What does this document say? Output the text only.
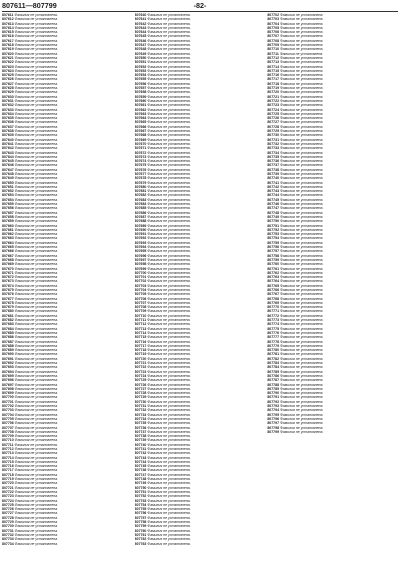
807611—807799	-82-

807611 Фамилия не установлена.

807612 Фамилия не установлена.

807613 Фамилия не установлена.

807614 Фамилия не установлена.

807615 Фамилия не установлена.

807616 Фамилия не установлена.

807617 Фамилия не установлена.

807618 Фамилия не установлена.

807619 Фамилия не установлена.

807620 Фамилия не установлена.

807621 Фамилия не установлена.

807622 Фамилия не установлена.

807623 Фамилия не установлена.

807624 Фамилия не установлена.

807625 Фамилия не установлена.

807626 Фамилия не установлена.

807627 Фамилия не установлена.

807628 Фамилия не установлена.

807629 Фамилия не установлена.

807630 Фамилия не установлена.

807631 Фамилия не установлена.

807632 Фамилия не установлена.

807633 Фамилия не установлена.

807634 Фамилия не установлена.

807635 Фамилия не установлена.

807636 Фамилия не установлена.

807637 Фамилия не установлена.

807638 Фамилия не установлена.

807639 Фамилия не установлена.

807640 Фамилия не установлена.

807641 Фамилия не установлена.

807642 Фамилия не установлена.

807643 Фамилия не установлена.

807644 Фамилия не установлена.

807645 Фамилия не установлена.

807646 Фамилия не установлена.

807647 Фамилия не установлена.

807648 Фамилия не установлена.

807649 Фамилия не установлена.

807650 Фамилия не установлена.

807651 Фамилия не установлена.

807652 Фамилия не установлена.

807653 Фамилия не установлена.

807654 Фамилия не установлена.

807655 Фамилия не установлена.

807656 Фамилия не установлена.

807657 Фамилия не установлена.

807658 Фамилия не установлена.

807659 Фамилия не установлена.

807660 Фамилия не установлена.

807661 Фамилия не установлена.

807662 Фамилия не установлена.

807663 Фамилия не установлена.

807664 Фамилия не установлена.

807665 Фамилия не установлена.

807666 Фамилия не установлена.

807667 Фамилия не установлена.

807668 Фамилия не установлена.

807669 Фамилия не установлена.

807670 Фамилия не установлена.

807671 Фамилия не установлена.

807672 Фамилия не установлена.

807673 Фамилия не установлена.

807674 Фамилия не установлена.

807675 Фамилия не установлена.

807676 Фамилия не установлена.

807677 Фамилия не установлена.

807678 Фамилия не установлена.

807679 Фамилия не установлена.

807680 Фамилия не установлена.

807681 Фамилия не установлена.

807682 Фамилия не установлена.

807683 Фамилия не установлена.

807684 Фамилия не установлена.

807685 Фамилия не установлена.

807686 Фамилия не установлена.

807687 Фамилия не установлена.

807688 Фамилия не установлена.

807689 Фамилия не установлена.

807690 Фамилия не установлена.

807691 Фамилия не установлена.

807692 Фамилия не установлена.

807693 Фамилия не установлена.

807694 Фамилия не установлена.

807695 Фамилия не установлена.

807696 Фамилия не установлена.

807697 Фамилия не установлена.

807698 Фамилия не установлена.

807699 Фамилия не установлена.

807700 Фамилия не установлена.

807701 Фамилия не установлена.

807702 Фамилия не установлена.

807703 Фамилия не установлена.

807704 Фамилия не установлена.

807705 Фамилия не установлена.

807706 Фамилия не установлена.

807707 Фамилия не установлена.

807708 Фамилия не установлена.

807709 Фамилия не установлена.

807710 Фамилия не установлена.

807711 Фамилия не установлена.

807712 Фамилия не установлена.

807713 Фамилия не установлена.

807714 Фамилия не установлена.

807715 Фамилия не установлена.

807716 Фамилия не установлена.

807717 Фамилия не установлена.

807718 Фамилия не установлена.

807719 Фамилия не установлена.

807720 Фамилия не установлена.

807721 Фамилия не установлена.

807722 Фамилия не установлена.

807723 Фамилия не установлена.

807724 Фамилия не установлена.

807725 Фамилия не установлена.

807726 Фамилия не установлена.

807727 Фамилия не установлена.

807728 Фамилия не установлена.

807729 Фамилия не установлена.

807730 Фамилия не установлена.

807731 Фамилия не установлена.

807732 Фамилия не установлена.

807733 Фамилия не установлена.

807734 Фамилия не установлена.

807640 Фамилия не установлена.

807641 Фамилия не установлена.

807642 Фамилия не установлена.

807643 Фамилия не установлена.

807644 Фамилия не установлена.

807645 Фамилия не установлена.

807646 Фамилия не установлена.

807647 Фамилия не установлена.

807648 Фамилия не установлена.

807649 Фамилия не установлена.

807650 Фамилия не установлена.

807651 Фамилия не установлена.

807652 Фамилия не установлена.

807653 Фамилия не установлена.

807654 Фамилия не установлена.

807655 Фамилия не установлена.

807656 Фамилия не установлена.

807657 Фамилия не установлена.

807658 Фамилия не установлена.

807659 Фамилия не установлена.

807660 Фамилия не установлена.

807661 Фамилия не установлена.

807662 Фамилия не установлена.

807663 Фамилия не установлена.

807664 Фамилия не установлена.

807665 Фамилия не установлена.

807666 Фамилия не установлена.

807667 Фамилия не установлена.

807668 Фамилия не установлена.

807669 Фамилия не установлена.

807670 Фамилия не установлена.

807671 Фамилия не установлена.

807672 Фамилия не установлена.

807673 Фамилия не установлена.

807674 Фамилия не установлена.

807675 Фамилия не установлена.

807676 Фамилия не установлена.

807677 Фамилия не установлена.

807678 Фамилия не установлена.

807679 Фамилия не установлена.

807680 Фамилия не установлена.

807681 Фамилия не установлена.

807682 Фамилия не установлена.

807683 Фамилия не установлена.

807684 Фамилия не установлена.

807685 Фамилия не установлена.

807686 Фамилия не установлена.

807687 Фамилия не установлена.

807688 Фамилия не установлена.

807689 Фамилия не установлена.

807690 Фамилия не установлена.

807691 Фамилия не установлена.

807692 Фамилия не установлена.

807693 Фамилия не установлена.

807694 Фамилия не установлена.

807695 Фамилия не установлена.

807696 Фамилия не установлена.

807697 Фамилия не установлена.

807698 Фамилия не установлена.

807699 Фамилия не установлена.

807700 Фамилия не установлена.

807701 Фамилия не установлена.

807702 Фамилия не установлена.

807703 Фамилия не установлена.

807704 Фамилия не установлена.

807705 Фамилия не установлена.

807706 Фамилия не установлена.

807707 Фамилия не установлена.

807708 Фамилия не установлена.

807709 Фамилия не установлена.

807710 Фамилия не установлена.

807711 Фамилия не установлена.

807712 Фамилия не установлена.

807713 Фамилия не установлена.

807714 Фамилия не установлена.

807715 Фамилия не установлена.

807716 Фамилия не установлена.

807717 Фамилия не установлена.

807718 Фамилия не установлена.

807719 Фамилия не установлена.

807720 Фамилия не установлена.

807721 Фамилия не установлена.

807722 Фамилия не установлена.

807723 Фамилия не установлена.

807724 Фамилия не установлена.

807725 Фамилия не установлена.

807726 Фамилия не установлена.

807727 Фамилия не установлена.

807728 Фамилия не установлена.

807729 Фамилия не установлена.

807730 Фамилия не установлена.

807731 Фамилия не установлена.

807732 Фамилия не установлена.

807733 Фамилия не установлена.

807734 Фамилия не установлена.

807735 Фамилия не установлена.

807736 Фамилия не установлена.

807737 Фамилия не установлена.

807738 Фамилия не установлена.

807739 Фамилия не установлена.

807740 Фамилия не установлена.

807741 Фамилия не установлена.

807742 Фамилия не установлена.

807743 Фамилия не установлена.

807744 Фамилия не установлена.

807745 Фамилия не установлена.

807746 Фамилия не установлена.

807747 Фамилия не установлена.

807748 Фамилия не установлена.

807749 Фамилия не установлена.

807750 Фамилия не установлена.

807751 Фамилия не установлена.

807752 Фамилия не установлена.

807753 Фамилия не установлена.

807754 Фамилия не установлена.

807755 Фамилия не установлена.

807756 Фамилия не установлена.

807757 Фамилия не установлена.

807758 Фамилия не установлена.

807759 Фамилия не установлена.

807760 Фамилия не установлена.

807761 Фамилия не установлена.

807762 Фамилия не установлена.

807763 Фамилия не установлена.

807702 Фамилия не установлена.

807703 Фамилия не установлена.

807704 Фамилия не установлена.

807705 Фамилия не установлена.

807706 Фамилия не установлена.

807707 Фамилия не установлена.

807708 Фамилия не установлена.

807709 Фамилия не установлена.

807710 Фамилия не установлена.

807711 Фамилия не установлена.

807712 Фамилия не установлена.

807713 Фамилия не установлена.

807714 Фамилия не установлена.

807715 Фамилия не установлена.

807716 Фамилия не установлена.

807717 Фамилия не установлена.

807718 Фамилия не установлена.

807719 Фамилия не установлена.

807720 Фамилия не установлена.

807721 Фамилия не установлена.

807722 Фамилия не установлена.

807723 Фамилия не установлена.

807724 Фамилия не установлена.

807725 Фамилия не установлена.

807726 Фамилия не установлена.

807727 Фамилия не установлена.

807728 Фамилия не установлена.

807729 Фамилия не установлена.

807730 Фамилия не установлена.

807731 Фамилия не установлена.

807732 Фамилия не установлена.

807733 Фамилия не установлена.

807734 Фамилия не установлена.

807735 Фамилия не установлена.

807736 Фамилия не установлена.

807737 Фамилия не установлена.

807738 Фамилия не установлена.

807739 Фамилия не установлена.

807740 Фамилия не установлена.

807741 Фамилия не установлена.

807742 Фамилия не установлена.

807743 Фамилия не установлена.

807744 Фамилия не установлена.

807745 Фамилия не установлена.

807746 Фамилия не установлена.

807747 Фамилия не установлена.

807748 Фамилия не установлена.

807749 Фамилия не установлена.

807750 Фамилия не установлена.

807751 Фамилия не установлена.

807752 Фамилия не установлена.

807753 Фамилия не установлена.

807754 Фамилия не установлена.

807755 Фамилия не установлена.

807756 Фамилия не установлена.

807757 Фамилия не установлена.

807758 Фамилия не установлена.

807759 Фамилия не установлена.

807760 Фамилия не установлена.

807761 Фамилия не установлена.

807762 Фамилия не установлена.

807763 Фамилия не установлена.

807764 Фамилия не установлена.

807765 Фамилия не установлена.

807766 Фамилия не установлена.

807767 Фамилия не установлена.

807768 Фамилия не установлена.

807769 Фамилия не установлена.

807770 Фамилия не установлена.

807771 Фамилия не установлена.

807772 Фамилия не установлена.

807773 Фамилия не установлена.

807774 Фамилия не установлена.

807775 Фамилия не установлена.

807776 Фамилия не установлена.

807777 Фамилия не установлена.

807778 Фамилия не установлена.

807779 Фамилия не установлена.

807780 Фамилия не установлена.

807781 Фамилия не установлена.

807782 Фамилия не установлена.

807783 Фамилия не установлена.

807784 Фамилия не установлена.

807785 Фамилия не установлена.

807786 Фамилия не установлена.

807787 Фамилия не установлена.

807788 Фамилия не установлена.

807789 Фамилия не установлена.

807790 Фамилия не установлена.

807791 Фамилия не установлена.

807792 Фамилия не установлена.

807793 Фамилия не установлена.

807794 Фамилия не установлена.

807795 Фамилия не установлена.

807796 Фамилия не установлена.

807797 Фамилия не установлена.

807798 Фамилия не установлена.

807799 Фамилия не установлена.
